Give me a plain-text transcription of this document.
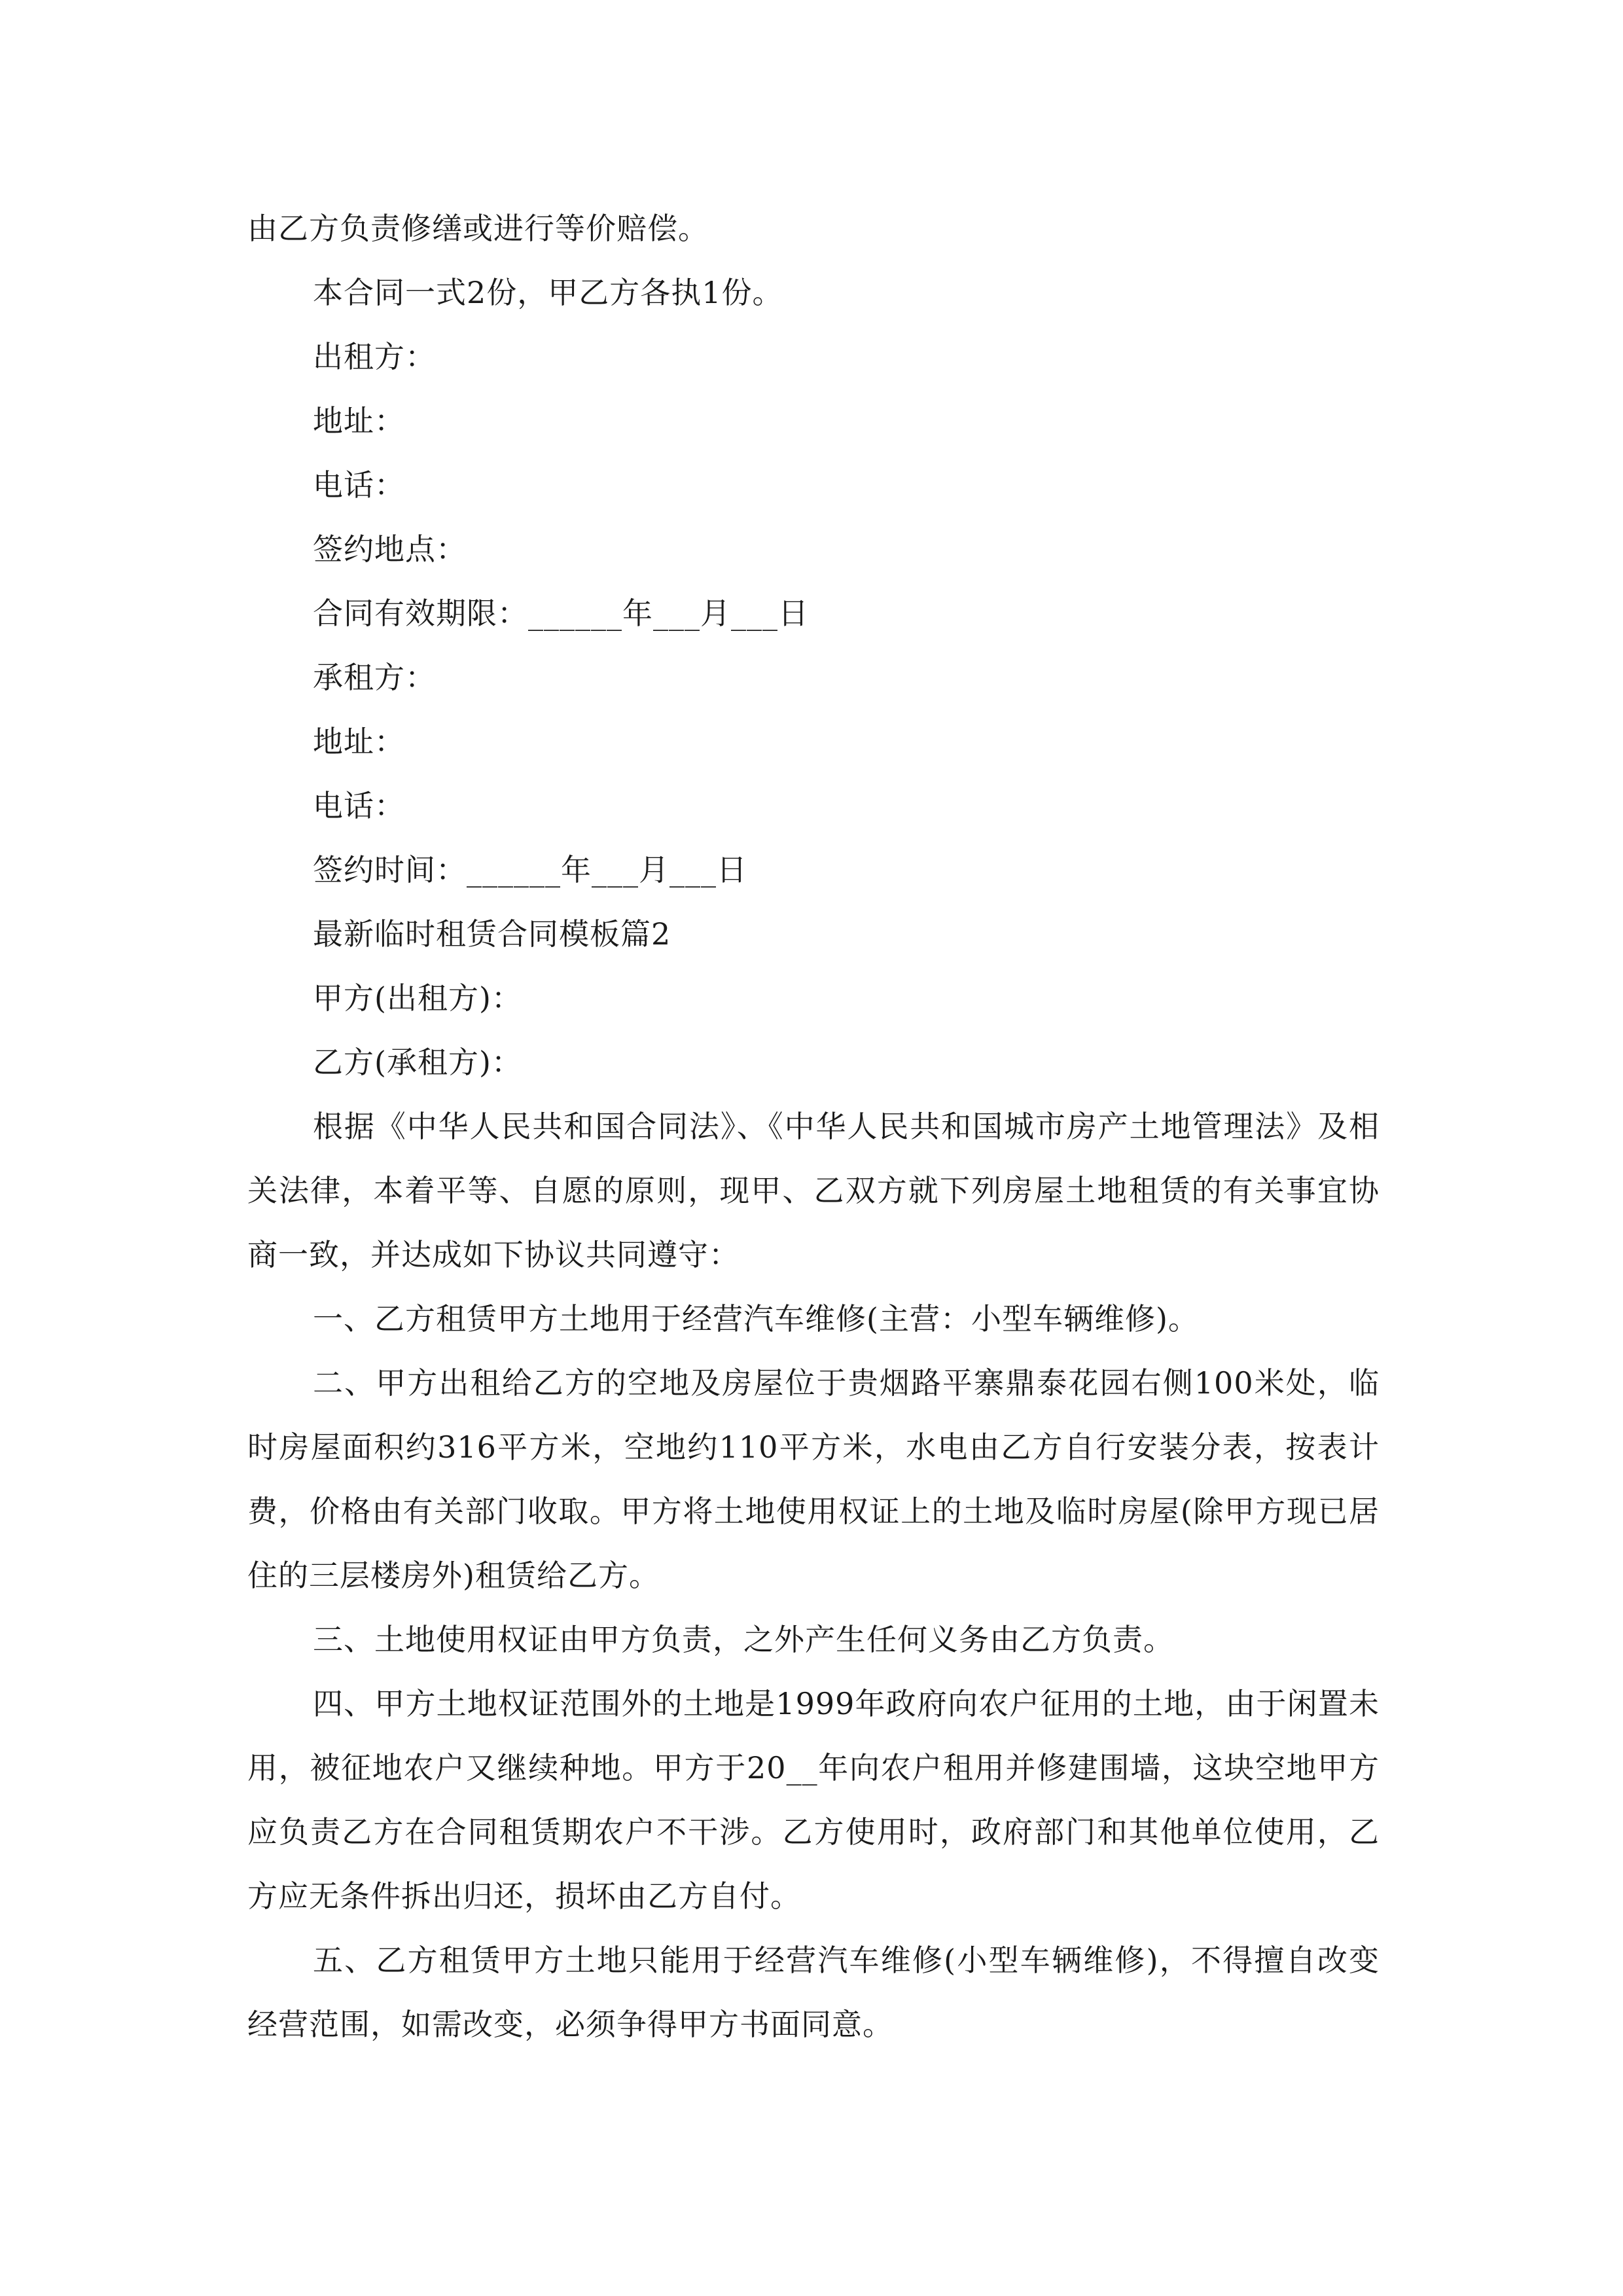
由乙方负责修缮或进行等价赔偿。

本合同一式2份，甲乙方各执1份。

出租方：

地址：

电话：

签约地点：

合同有效期限：______年___月___日

承租方：

地址：

电话：

签约时间：______年___月___日

最新临时租赁合同模板篇2

甲方(出租方)：

乙方(承租方)：

根据《中华人民共和国合同法》、《中华人民共和国城市房产土地管理法》及相关法律，本着平等、自愿的原则，现甲、乙双方就下列房屋土地租赁的有关事宜协商一致，并达成如下协议共同遵守：

一、乙方租赁甲方土地用于经营汽车维修(主营：小型车辆维修)。

二、甲方出租给乙方的空地及房屋位于贵烟路平寨鼎泰花园右侧100米处，临时房屋面积约316平方米，空地约110平方米，水电由乙方自行安装分表，按表计费，价格由有关部门收取。甲方将土地使用权证上的土地及临时房屋(除甲方现已居住的三层楼房外)租赁给乙方。

三、土地使用权证由甲方负责，之外产生任何义务由乙方负责。

四、甲方土地权证范围外的土地是1999年政府向农户征用的土地，由于闲置未用，被征地农户又继续种地。甲方于20__年向农户租用并修建围墙，这块空地甲方应负责乙方在合同租赁期农户不干涉。乙方使用时，政府部门和其他单位使用，乙方应无条件拆出归还，损坏由乙方自付。

五、乙方租赁甲方土地只能用于经营汽车维修(小型车辆维修)，不得擅自改变经营范围，如需改变，必须争得甲方书面同意。
